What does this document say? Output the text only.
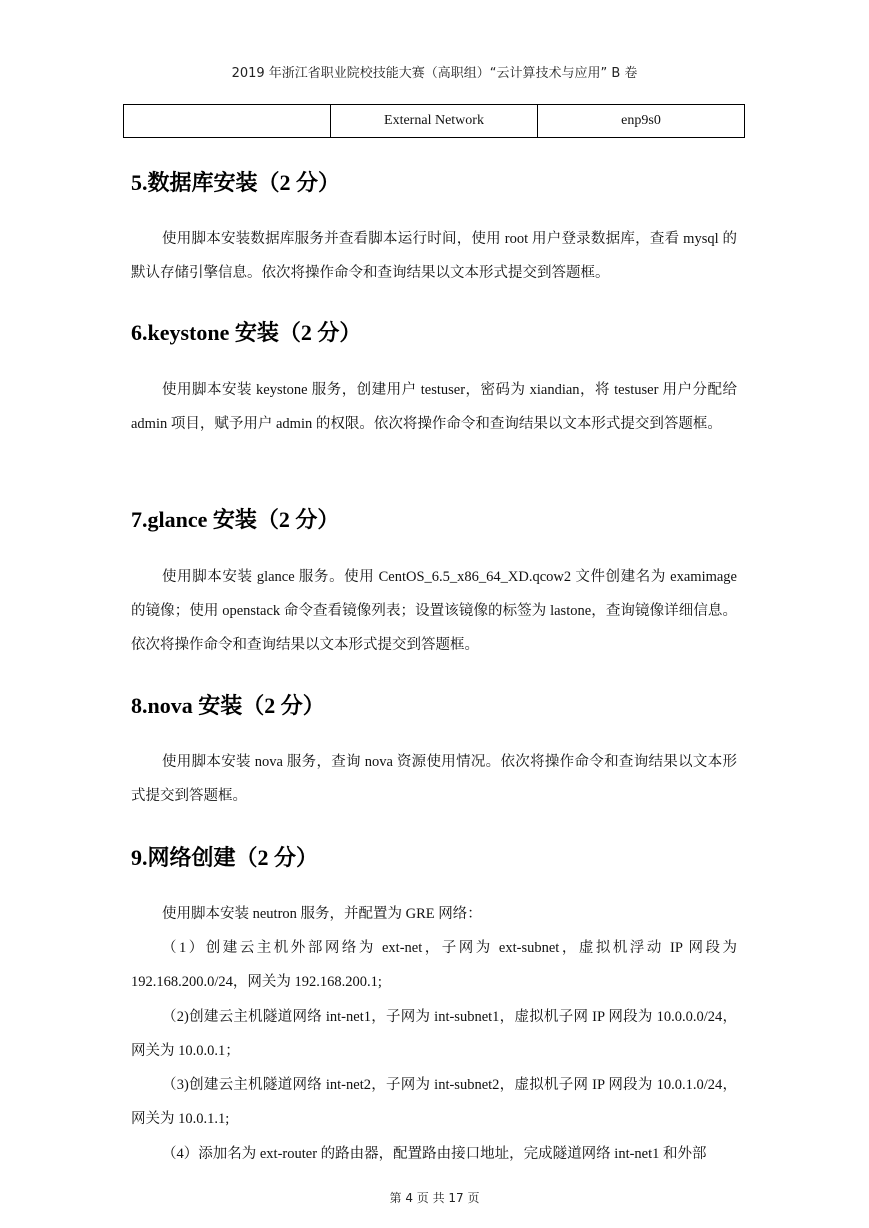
2019 年浙江省职业院校技能大赛（高职组）“云计算技术与应用” B 卷
	External Network	enp9s0
5.数据库安装（2 分）

使用脚本安装数据库服务并查看脚本运行时间，使用 root 用户登录数据库，查看 mysql 的默认存储引擎信息。依次将操作命令和查询结果以文本形式提交到答题框。

6.keystone 安装（2 分）

使用脚本安装 keystone 服务，创建用户 testuser，密码为 xiandian，将 testuser 用户分配给 admin 项目，赋予用户 admin 的权限。依次将操作命令和查询结果以文本形式提交到答题框。

7.glance 安装（2 分）

使用脚本安装 glance 服务。使用 CentOS_6.5_x86_64_XD.qcow2 文件创建名为 examimage 的镜像；使用 openstack 命令查看镜像列表；设置该镜像的标签为 lastone，查询镜像详细信息。依次将操作命令和查询结果以文本形式提交到答题框。

8.nova 安装（2 分）

使用脚本安装 nova 服务，查询 nova 资源使用情况。依次将操作命令和查询结果以文本形式提交到答题框。

9.网络创建（2 分）

使用脚本安装 neutron 服务，并配置为 GRE 网络：

（1）创建云主机外部网络为 ext-net，子网为 ext-subnet，虚拟机浮动 IP 网段为 192.168.200.0/24，网关为 192.168.200.1;

（2)创建云主机隧道网络 int-net1，子网为 int-subnet1，虚拟机子网 IP 网段为 10.0.0.0/24，网关为 10.0.0.1；

（3)创建云主机隧道网络 int-net2，子网为 int-subnet2，虚拟机子网 IP 网段为 10.0.1.0/24，网关为 10.0.1.1;

（4）添加名为 ext-router 的路由器，配置路由接口地址，完成隧道网络 int-net1 和外部

第 4 页 共 17 页
